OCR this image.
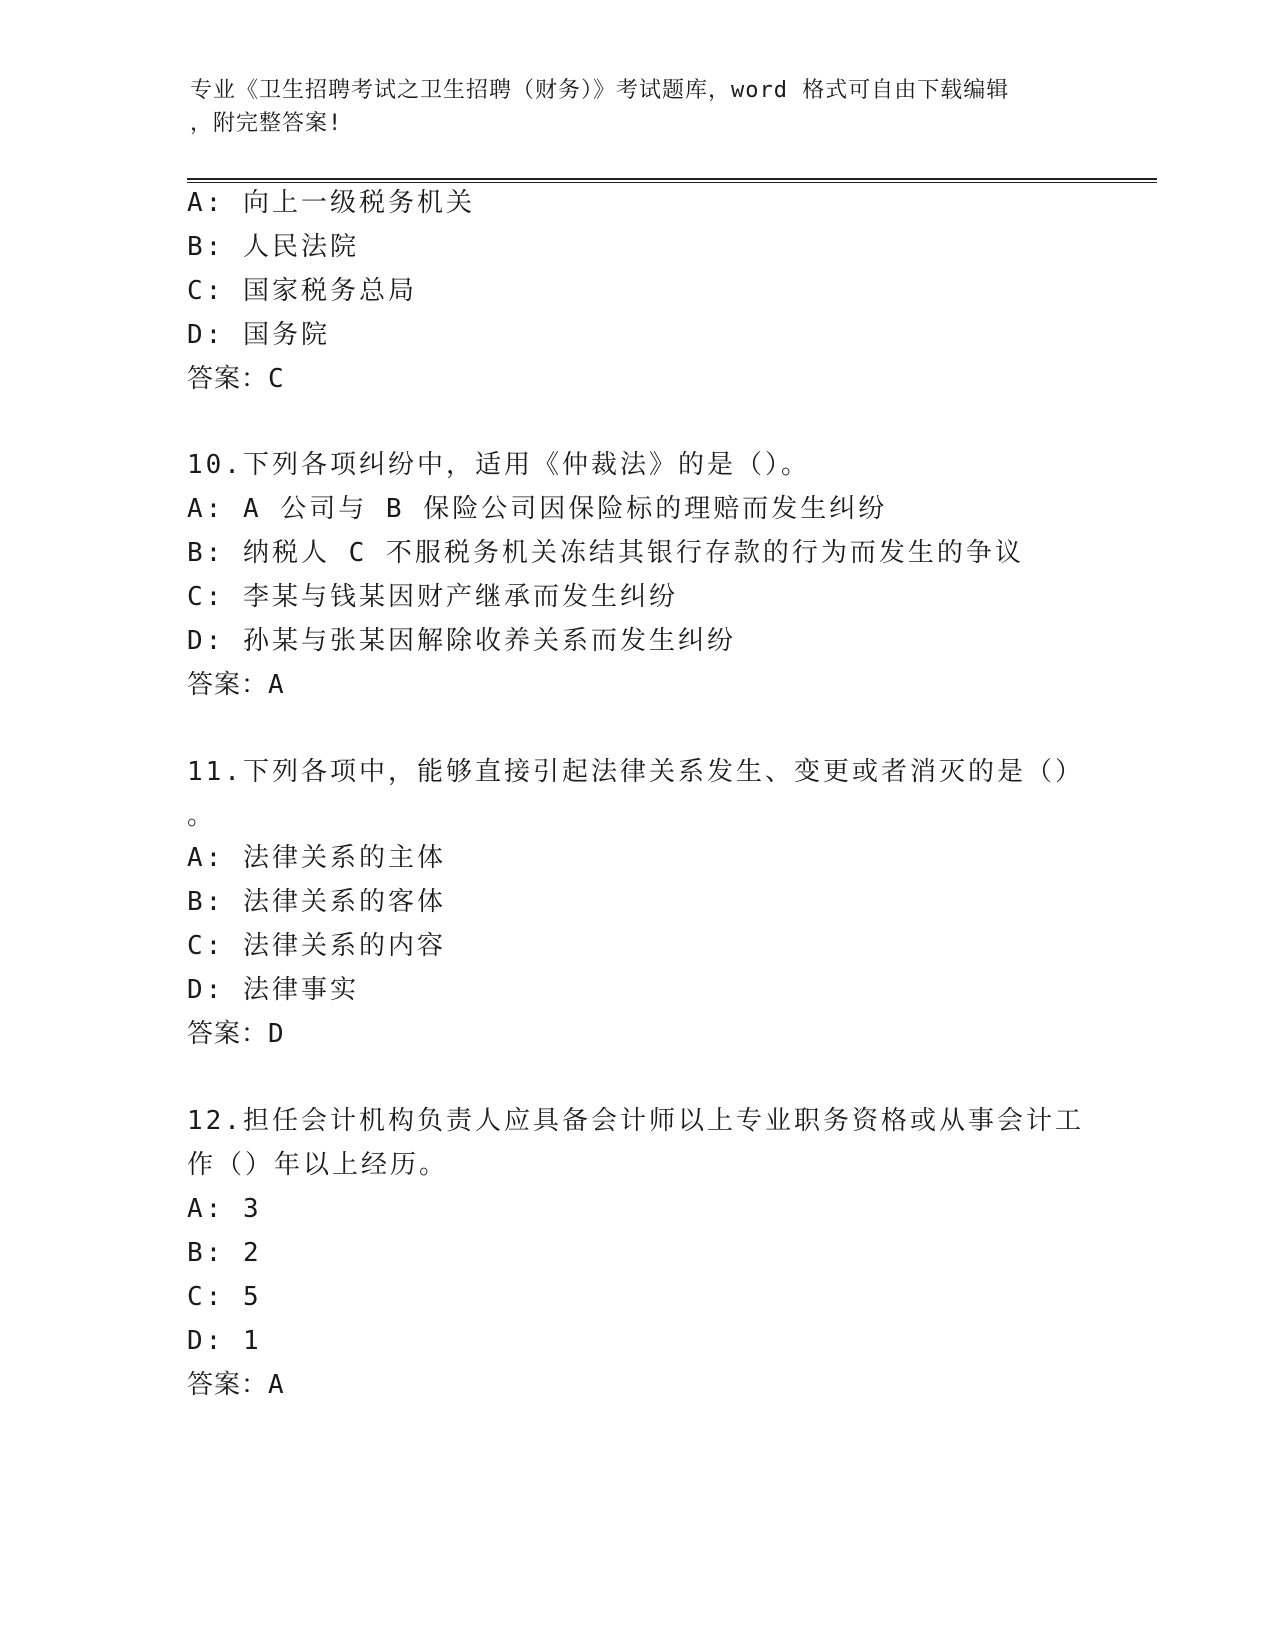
专业《卫生招聘考试之卫生招聘（财务）》考试题库，word 格式可自由下载编辑
，附完整答案!
A: 向上一级税务机关
B: 人民法院
C: 国家税务总局
D: 国务院
答案：C
10.下列各项纠纷中，适用《仲裁法》的是（）。
A: A 公司与 B 保险公司因保险标的理赔而发生纠纷
B: 纳税人 C 不服税务机关冻结其银行存款的行为而发生的争议
C: 李某与钱某因财产继承而发生纠纷
D: 孙某与张某因解除收养关系而发生纠纷
答案：A
11.下列各项中，能够直接引起法律关系发生、变更或者消灭的是（）
。
A: 法律关系的主体
B: 法律关系的客体
C: 法律关系的内容
D: 法律事实
答案：D
12.担任会计机构负责人应具备会计师以上专业职务资格或从事会计工
作（）年以上经历。
A: 3
B: 2
C: 5
D: 1
答案：A
